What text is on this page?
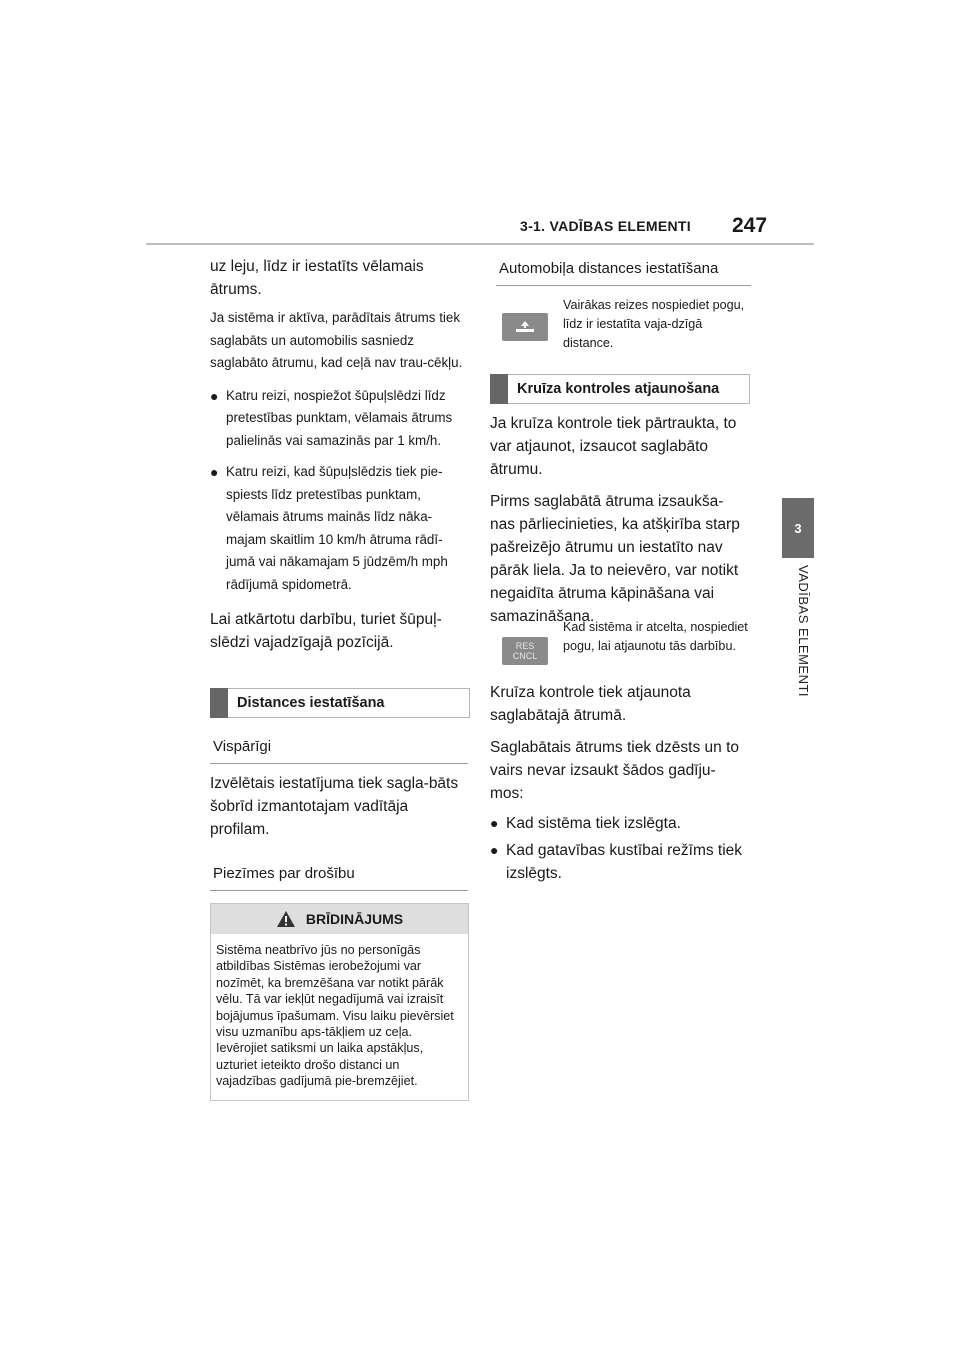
3-1. VADĪBAS ELEMENTI 247
3
VADĪBAS ELEMENTI

uz leju, līdz ir iestatīts vēlamais ātrums.

Ja sistēma ir aktīva, parādītais ātrums tiek saglabāts un automobilis sasniedz saglabāto ātrumu, kad ceļā nav trau-cēkļu.

● Katru reizi, nospiežot šūpuļslēdzi līdz pretestības punktam, vēlamais ātrums palielinās vai samazinās par 1 km/h.
● Katru reizi, kad šūpuļslēdzis tiek pie-spiests līdz pretestības punktam, vēlamais ātrums mainās līdz nāka-majam skaitlim 10 km/h ātruma rādī-jumā vai nākamajam 5 jūdzēm/h mph rādījumā spidometrā.

Lai atkārtotu darbību, turiet šūpuļ-slēdzi vajadzīgajā pozīcijā.

Distances iestatīšana
Vispārīgi

Izvēlētais iestatījuma tiek sagla-bāts šobrīd izmantotajam vadītāja profilam.

Piezīmes par drošību
BRĪDINĀJUMS
Sistēma neatbrīvo jūs no personīgās atbildības Sistēmas ierobežojumi var nozīmēt, ka bremzēšana var notikt pārāk vēlu. Tā var iekļūt negadījumā vai izraisīt bojājumus īpašumam. Visu laiku pievērsiet visu uzmanību aps-tākļiem uz ceļa. Ievērojiet satiksmi un laika apstākļus, uzturiet ieteikto drošo distanci un vajadzības gadījumā pie-bremzējiet.
Automobiļa distances iestatīšana
Vairākas reizes nospiediet pogu, līdz ir iestatīta vaja-dzīgā distance.
Kruīza kontroles atjaunošana

Ja kruīza kontrole tiek pārtraukta, to var atjaunot, izsaucot saglabāto ātrumu.

Pirms saglabātā ātruma izsaukša-nas pārliecinieties, ka atšķirība starp pašreizējo ātrumu un iestatīto nav pārāk liela. Ja to neievēro, var notikt negaidīta ātruma kāpināšana vai samazināšana.

RES
CNCL
Kad sistēma ir atcelta, nospiediet pogu, lai atjaunotu tās darbību.

Kruīza kontrole tiek atjaunota saglabātajā ātrumā.

Saglabātais ātrums tiek dzēsts un to vairs nevar izsaukt šādos gadīju-mos:

● Kad sistēma tiek izslēgta.
● Kad gatavības kustībai režīms tiek izslēgts.
